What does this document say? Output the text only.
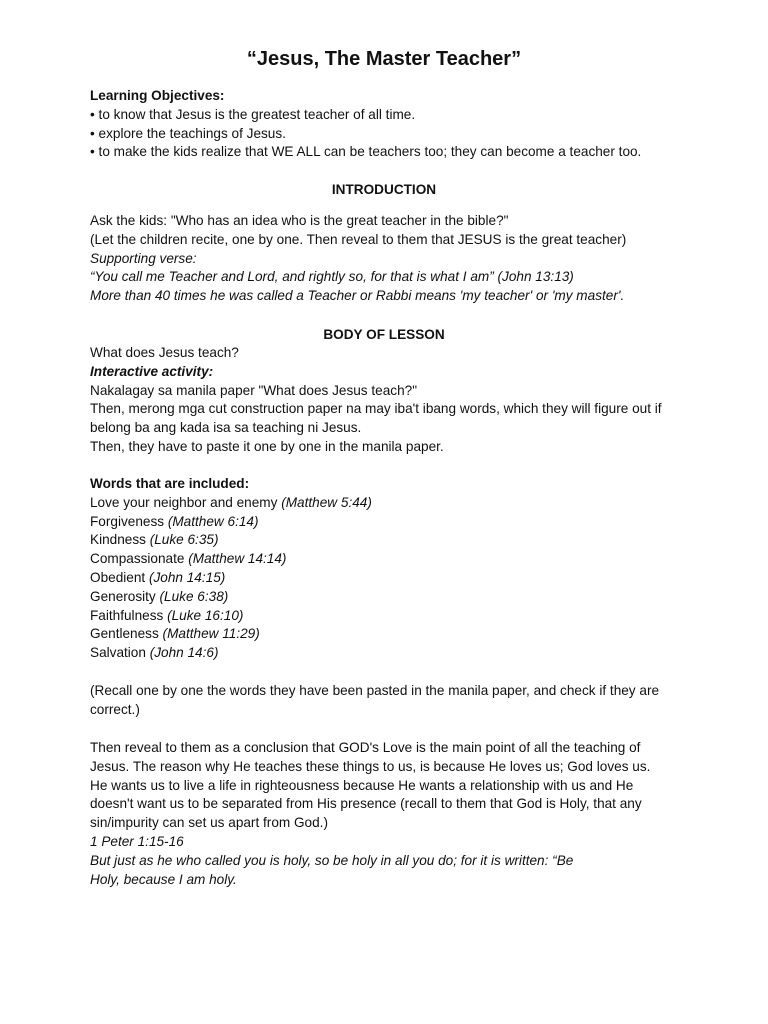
“Jesus, The Master Teacher”
Learning Objectives:
• to know that Jesus is the greatest teacher of all time.
• explore the teachings of Jesus.
• to make the kids realize that WE ALL can be teachers too; they can become a teacher too.
INTRODUCTION
Ask the kids: "Who has an idea who is the great teacher in the bible?"
(Let the children recite, one by one. Then reveal to them that JESUS is the great teacher)
Supporting verse:
“You call me Teacher and Lord, and rightly so, for that is what I am” (John 13:13)
More than 40 times he was called a Teacher or Rabbi means 'my teacher' or 'my master'.
BODY OF LESSON
What does Jesus teach?
Interactive activity:
Nakalagay sa manila paper "What does Jesus teach?"
Then, merong mga cut construction paper na may iba't ibang words, which they will figure out if
belong ba ang kada isa sa teaching ni Jesus.
Then, they have to paste it one by one in the manila paper.
Words that are included:
Love your neighbor and enemy (Matthew 5:44)
Forgiveness (Matthew 6:14)
Kindness (Luke 6:35)
Compassionate (Matthew 14:14)
Obedient (John 14:15)
Generosity (Luke 6:38)
Faithfulness (Luke 16:10)
Gentleness (Matthew 11:29)
Salvation (John 14:6)
(Recall one by one the words they have been pasted in the manila paper, and check if they are
correct.)
Then reveal to them as a conclusion that GOD's Love is the main point of all the teaching of
Jesus. The reason why He teaches these things to us, is because He loves us; God loves us.
He wants us to live a life in righteousness because He wants a relationship with us and He
doesn't want us to be separated from His presence (recall to them that God is Holy, that any
sin/impurity can set us apart from God.)
1 Peter 1:15-16
But just as he who called you is holy, so be holy in all you do; for it is written: “Be
Holy, because I am holy.
